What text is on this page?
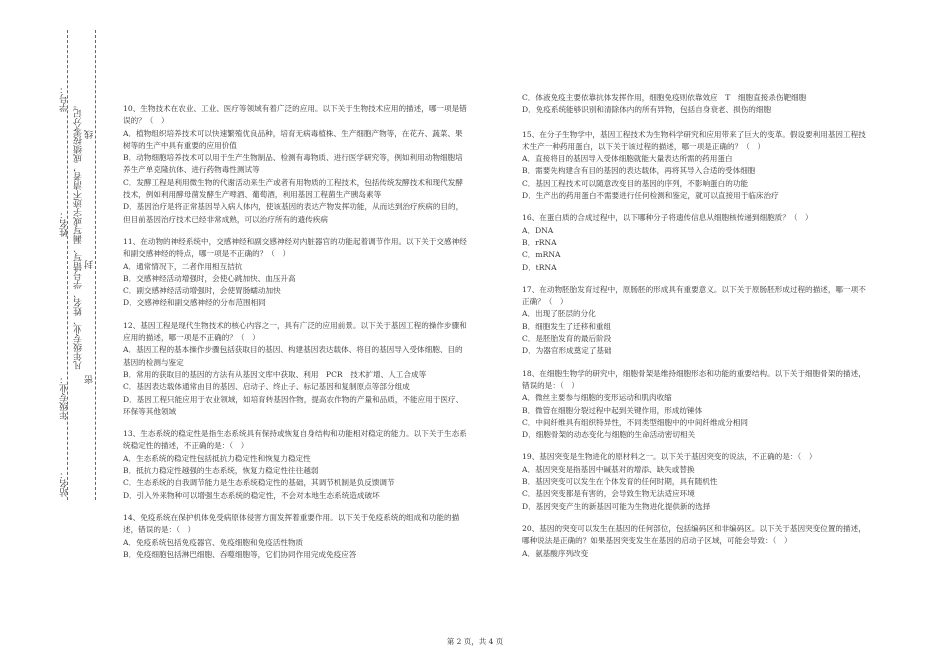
学号：
姓名：
年级专业：
站名：
凡年级专业、姓名、学号错写、漏写或字迹不清者，成绩按零分记。
密
封
线

10、生物技术在农业、工业、医疗等领域有着广泛的应用。以下关于生物技术应用的描述，哪一项是错误的？（　）

A．植物组织培养技术可以快速繁殖优良品种，培育无病毒植株、生产细胞产物等，在花卉、蔬菜、果树等的生产中具有重要的应用价值

B．动物细胞培养技术可以用于生产生物制品、检测有毒物质、进行医学研究等，例如利用动物细胞培养生产单克隆抗体、进行药物毒性测试等

C．发酵工程是利用微生物的代谢活动来生产或者有用物质的工程技术，包括传统发酵技术和现代发酵技术，例如利用酵母菌发酵生产啤酒、葡萄酒，利用基因工程菌生产胰岛素等

D．基因治疗是将正常基因导入病人体内，使该基因的表达产物发挥功能，从而达到治疗疾病的目的，但目前基因治疗技术已经非常成熟，可以治疗所有的遗传疾病

11、在动物的神经系统中，交感神经和副交感神经对内脏器官的功能起着调节作用。以下关于交感神经和副交感神经的特点，哪一项是不正确的？（　）

A．通常情况下，二者作用相互拮抗

B．交感神经活动增强时，会使心跳加快、血压升高

C．副交感神经活动增强时，会使胃肠蠕动加快

D．交感神经和副交感神经的分布范围相同

12、基因工程是现代生物技术的核心内容之一，具有广泛的应用前景。以下关于基因工程的操作步骤和应用的描述，哪一项是不正确的？（　）

A．基因工程的基本操作步骤包括获取目的基因、构建基因表达载体、将目的基因导入受体细胞、目的基因的检测与鉴定

B．常用的获取目的基因的方法有从基因文库中获取、利用　PCR　技术扩增、人工合成等

C．基因表达载体通常由目的基因、启动子、终止子、标记基因和复制原点等部分组成

D．基因工程只能应用于农业领域，如培育转基因作物，提高农作物的产量和品质，不能应用于医疗、环保等其他领域

13、生态系统的稳定性是指生态系统具有保持或恢复自身结构和功能相对稳定的能力。以下关于生态系统稳定性的描述，不正确的是：（　）

A．生态系统的稳定性包括抵抗力稳定性和恢复力稳定性

B．抵抗力稳定性越强的生态系统，恢复力稳定性往往越弱

C．生态系统的自我调节能力是生态系统稳定性的基础，其调节机制是负反馈调节

D．引入外来物种可以增强生态系统的稳定性，不会对本地生态系统造成破坏

14、免疫系统在保护机体免受病原体侵害方面发挥着重要作用。以下关于免疫系统的组成和功能的描述，错误的是：（　）

A．免疫系统包括免疫器官、免疫细胞和免疫活性物质

B．免疫细胞包括淋巴细胞、吞噬细胞等，它们协同作用完成免疫应答

C．体液免疫主要依靠抗体发挥作用，细胞免疫则依靠效应　T　细胞直接杀伤靶细胞

D．免疫系统能够识别和清除体内的所有异物，包括自身衰老、损伤的细胞

15、在分子生物学中，基因工程技术为生物科学研究和应用带来了巨大的变革。假设要利用基因工程技术生产一种药用蛋白，以下关于该过程的描述，哪一项是正确的？（　）

A．直接将目的基因导入受体细胞就能大量表达所需的药用蛋白

B．需要先构建含有目的基因的表达载体，再将其导入合适的受体细胞

C．基因工程技术可以随意改变目的基因的序列，不影响蛋白的功能

D．生产出的药用蛋白不需要进行任何检测和鉴定，就可以直接用于临床治疗

16、在蛋白质的合成过程中，以下哪种分子将遗传信息从细胞核传递到细胞质？（　）

A．DNA

B．rRNA

C．mRNA

D．tRNA

17、在动物胚胎发育过程中，原肠胚的形成具有重要意义。以下关于原肠胚形成过程的描述，哪一项不正确？（　）

A．出现了胚层的分化

B．细胞发生了迁移和重组

C．是胚胎发育的最后阶段

D．为器官形成奠定了基础

18、在细胞生物学的研究中，细胞骨架是维持细胞形态和功能的重要结构。以下关于细胞骨架的描述，错误的是：（　）

A．微丝主要参与细胞的变形运动和肌肉收缩

B．微管在细胞分裂过程中起到关键作用，形成纺锤体

C．中间纤维具有组织特异性，不同类型细胞中的中间纤维成分相同

D．细胞骨架的动态变化与细胞的生命活动密切相关

19、基因突变是生物进化的原材料之一。以下关于基因突变的说法，不正确的是：（　）

A．基因突变是指基因中碱基对的增添、缺失或替换

B．基因突变可以发生在个体发育的任何时期，具有随机性

C．基因突变都是有害的，会导致生物无法适应环境

D．基因突变产生的新基因可能为生物进化提供新的选择

20、基因的突变可以发生在基因的任何部位，包括编码区和非编码区。以下关于基因突变位置的描述，哪种说法是正确的？如果基因突变发生在基因的启动子区域，可能会导致：（　）

A．氨基酸序列改变

第 2 页，共 4 页
